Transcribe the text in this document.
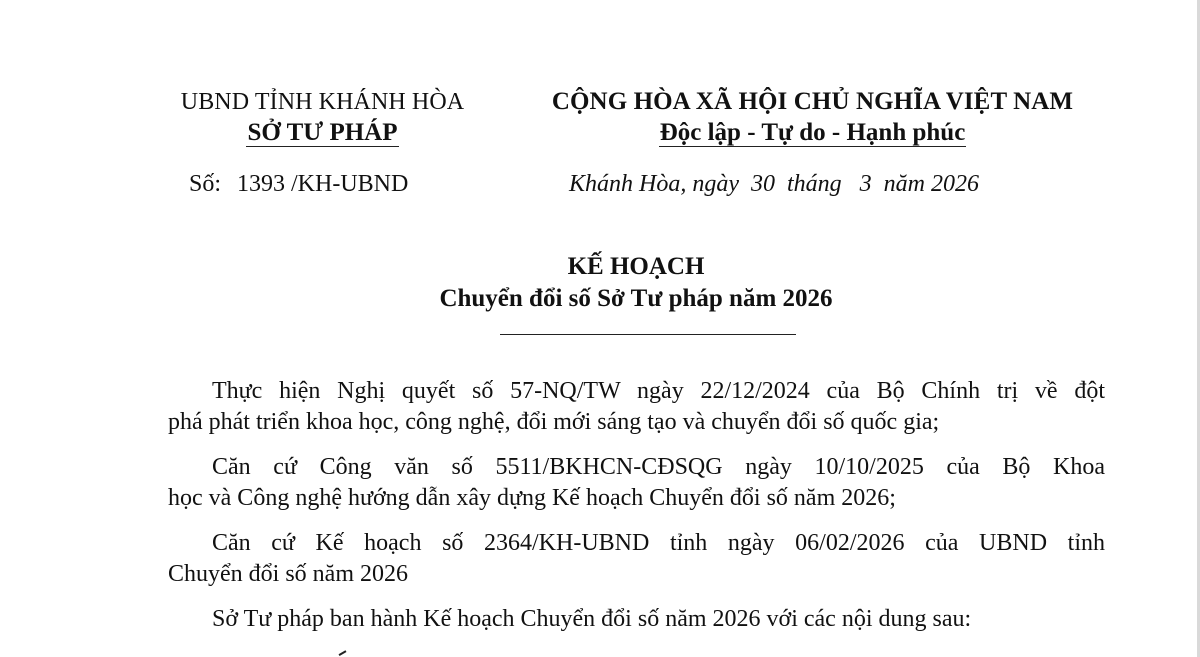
UBND TỈNH KHÁNH HÒA
SỞ TƯ PHÁP
Số: 1393 /KH-UBND
CỘNG HÒA XÃ HỘI CHỦ NGHĨA VIỆT NAM
Độc lập - Tự do - Hạnh phúc
Khánh Hòa, ngày  30  tháng   3  năm 2026
KẾ HOẠCH
Chuyển đổi số Sở Tư pháp năm 2026
Thực hiện Nghị quyết số 57-NQ/TW ngày 22/12/2024 của Bộ Chính trị về đột
phá phát triển khoa học, công nghệ, đổi mới sáng tạo và chuyển đổi số quốc gia;
Căn cứ Công văn số 5511/BKHCN-CĐSQG ngày 10/10/2025 của Bộ Khoa
học và Công nghệ hướng dẫn xây dựng Kế hoạch Chuyển đổi số năm 2026;
Căn cứ Kế hoạch số 2364/KH-UBND tỉnh ngày 06/02/2026 của UBND tỉnh
Chuyển đổi số năm 2026
Sở Tư pháp ban hành Kế hoạch Chuyển đổi số năm 2026 với các nội dung sau:
